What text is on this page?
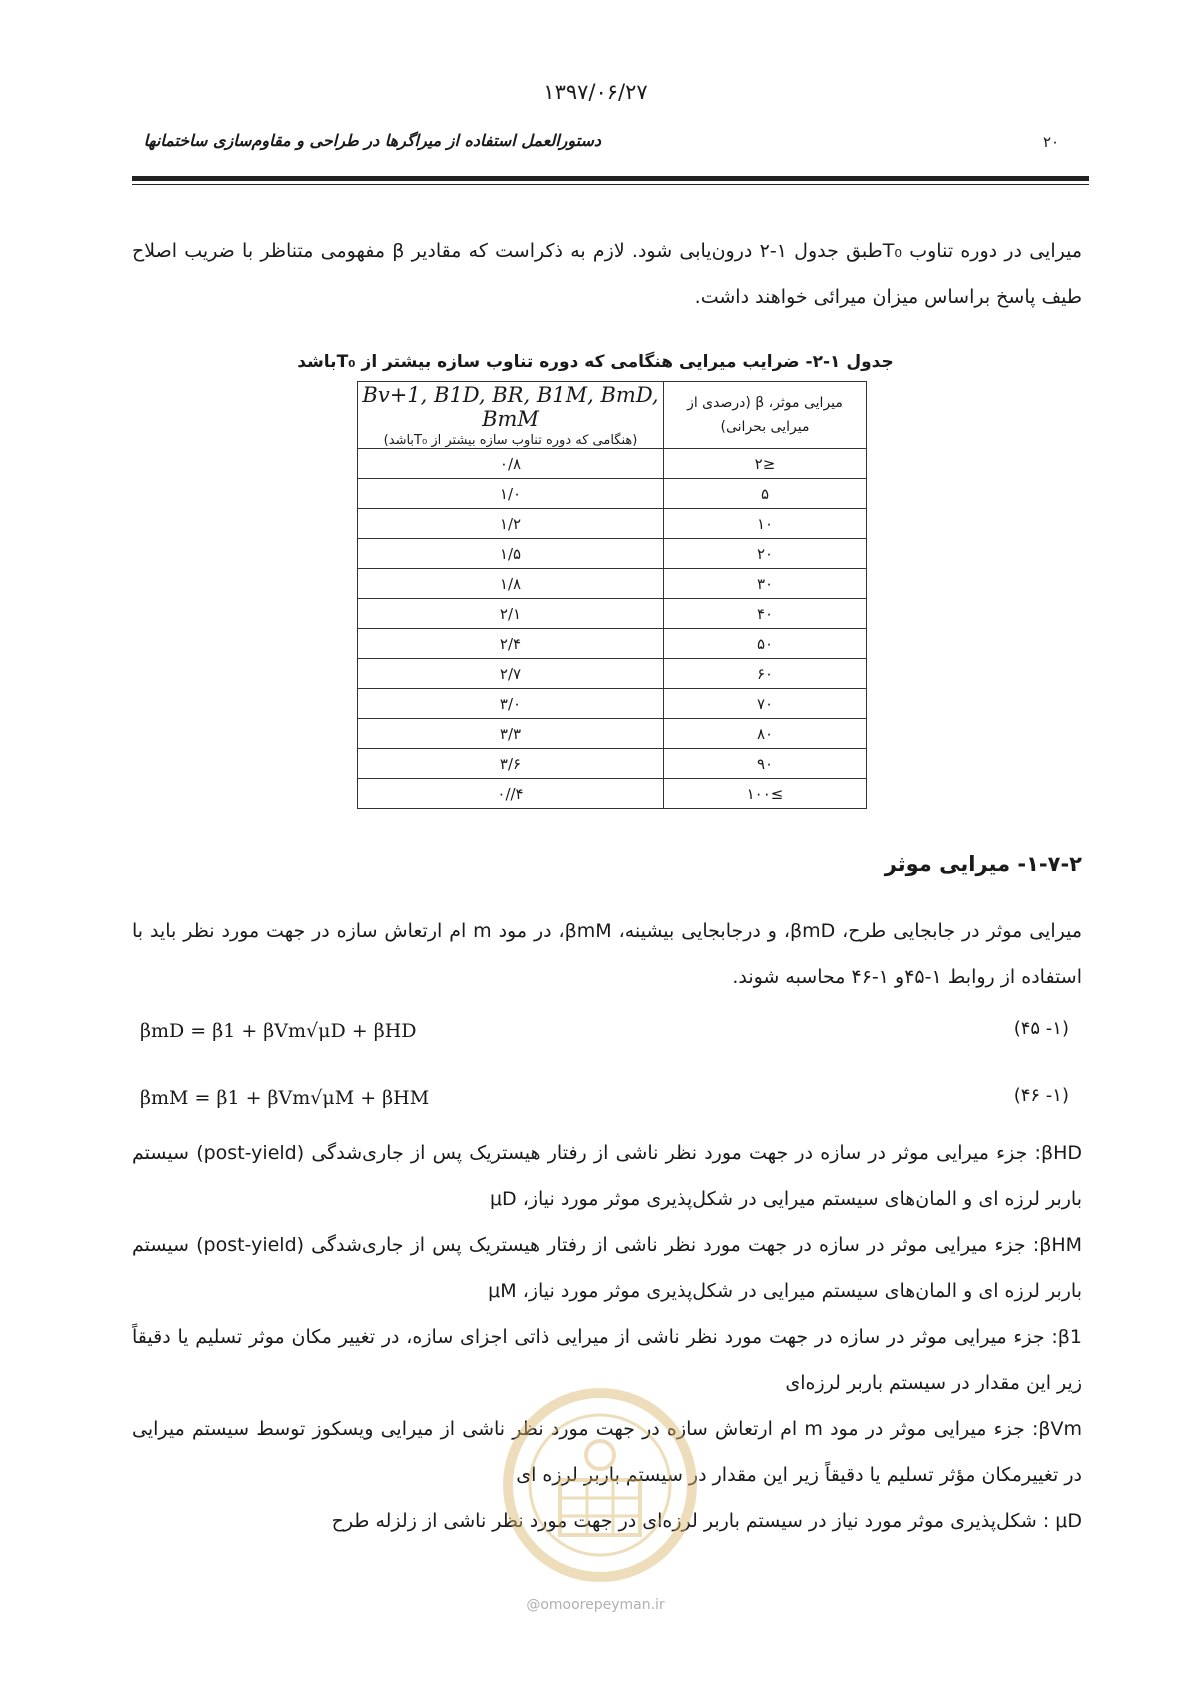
۱۳۹۷/۰۶/۲۷
۲۰
دستورالعمل استفاده از میراگرها در طراحی و مقاوم‌سازی ساختمانها

میرایی در دوره تناوب T₀طبق جدول ۱-۲ درون‌یابی شود. لازم به ذکراست که مقادیر β مفهومی متناظر با ضریب اصلاح طیف پاسخ براساس میزان میرائی خواهند داشت.

جدول ۱-۲- ضرایب میرایی هنگامی که دوره تناوب سازه بیشتر از T₀باشد
میرایی موثر، β (درصدی از
میرایی بحرانی)	Bv+1, B1D, BR, B1M, BmD, BmM
(هنگامی که دوره تناوب سازه بیشتر از T₀باشد)

≤۲	۰/۸
۵	۱/۰
۱۰	۱/۲
۲۰	۱/۵
۳۰	۱/۸
۴۰	۲/۱
۵۰	۲/۴
۶۰	۲/۷
۷۰	۳/۰
۸۰	۳/۳
۹۰	۳/۶
≥۱۰۰	۴//۰
۱-۷-۲- میرایی موثر

میرایی موثر در جابجایی طرح، βmD، و درجابجایی بیشینه، βmM، در مود m ام ارتعاش سازه در جهت مورد نظر باید با استفاده از روابط ۱-۴۵و ۱-۴۶ محاسبه شوند.

βmD = β1 + βVm√μD + βHD	(۱- ۴۵)
βmM = β1 + βVm√μM + βHM	(۱- ۴۶)

βHD: جزء میرایی موثر در سازه در جهت مورد نظر ناشی از رفتار هیستریک پس از جاری‌شدگی (post-yield) سیستم باربر لرزه ای و المان‌های سیستم میرایی در شکل‌پذیری موثر مورد نیاز، μD

βHM: جزء میرایی موثر در سازه در جهت مورد نظر ناشی از رفتار هیستریک پس از جاری‌شدگی (post-yield) سیستم باربر لرزه ای و المان‌های سیستم میرایی در شکل‌پذیری موثر مورد نیاز، μM

β1: جزء میرایی موثر در سازه در جهت مورد نظر ناشی از میرایی ذاتی اجزای سازه، در تغییر مکان موثر تسلیم یا دقیقاً زیر این مقدار در سیستم باربر لرزه‌ای

βVm: جزء میرایی موثر در مود m ام ارتعاش سازه در جهت مورد نظر ناشی از میرایی ویسکوز توسط سیستم میرایی در تغییرمکان مؤثر تسلیم یا دقیقاً زیر این مقدار در سیستم باربر لرزه ای

μD : شکل‌پذیری موثر مورد نیاز در سیستم باربر لرزه‌ای در جهت مورد نظر ناشی از زلزله طرح

@omoorepeyman.ir
